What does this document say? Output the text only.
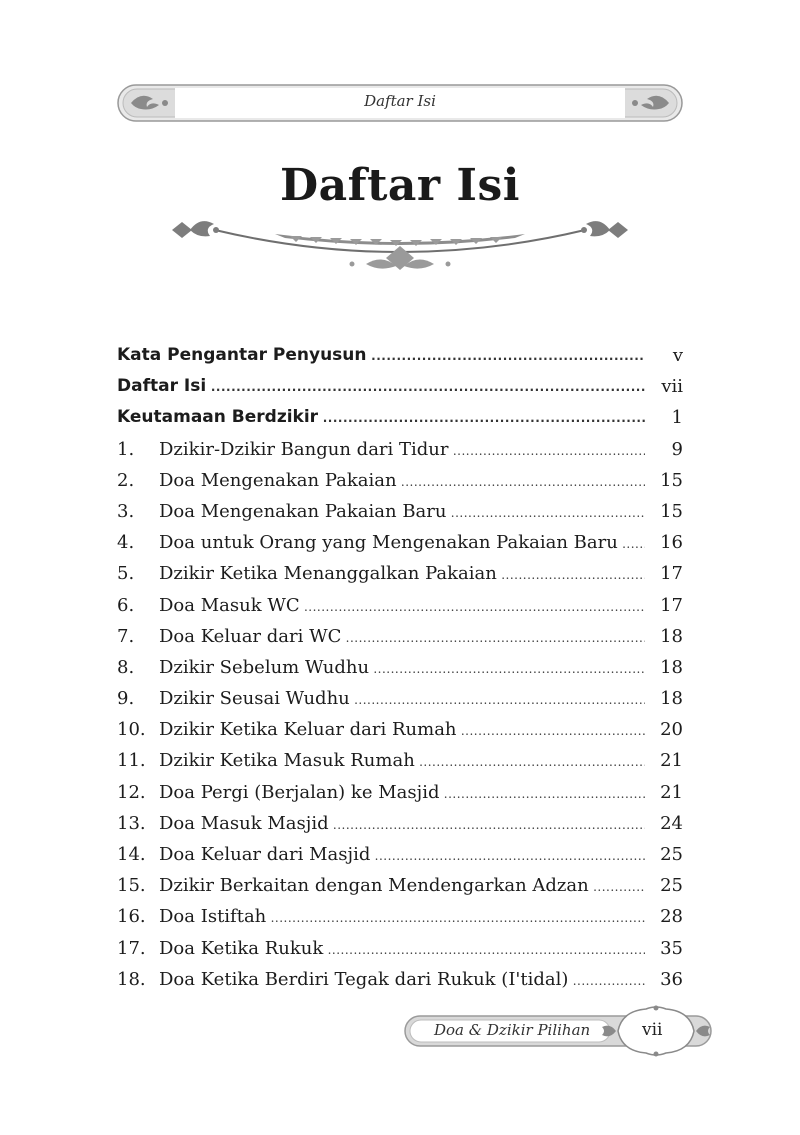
Daftar Isi
Daftar Isi
Kata Pengantar Penyusun .....	v
Daftar Isi .....	vii
Keutamaan Berdzikir .....	1
1.	Dzikir-Dzikir Bangun dari Tidur .....	9
2.	Doa Mengenakan Pakaian .....	15
3.	Doa Mengenakan Pakaian Baru .....	15
4.	Doa untuk Orang yang Mengenakan Pakaian Baru .....	16
5.	Dzikir Ketika Menanggalkan Pakaian .....	17
6.	Doa Masuk WC .....	17
7.	Doa Keluar dari WC .....	18
8.	Dzikir Sebelum Wudhu .....	18
9.	Dzikir Seusai Wudhu .....	18
10. Dzikir Ketika Keluar dari Rumah .....	20
11. Dzikir Ketika Masuk Rumah .....	21
12. Doa Pergi (Berjalan) ke Masjid .....	21
13. Doa Masuk Masjid .....	24
14. Doa Keluar dari Masjid .....	25
15. Dzikir Berkaitan dengan Mendengarkan Adzan .....	25
16. Doa Istiftah .....	28
17. Doa Ketika Rukuk .....	35
18. Doa Ketika Berdiri Tegak dari Rukuk (I'tidal) .....	36
Doa & Dzikir Pilihan	vii
